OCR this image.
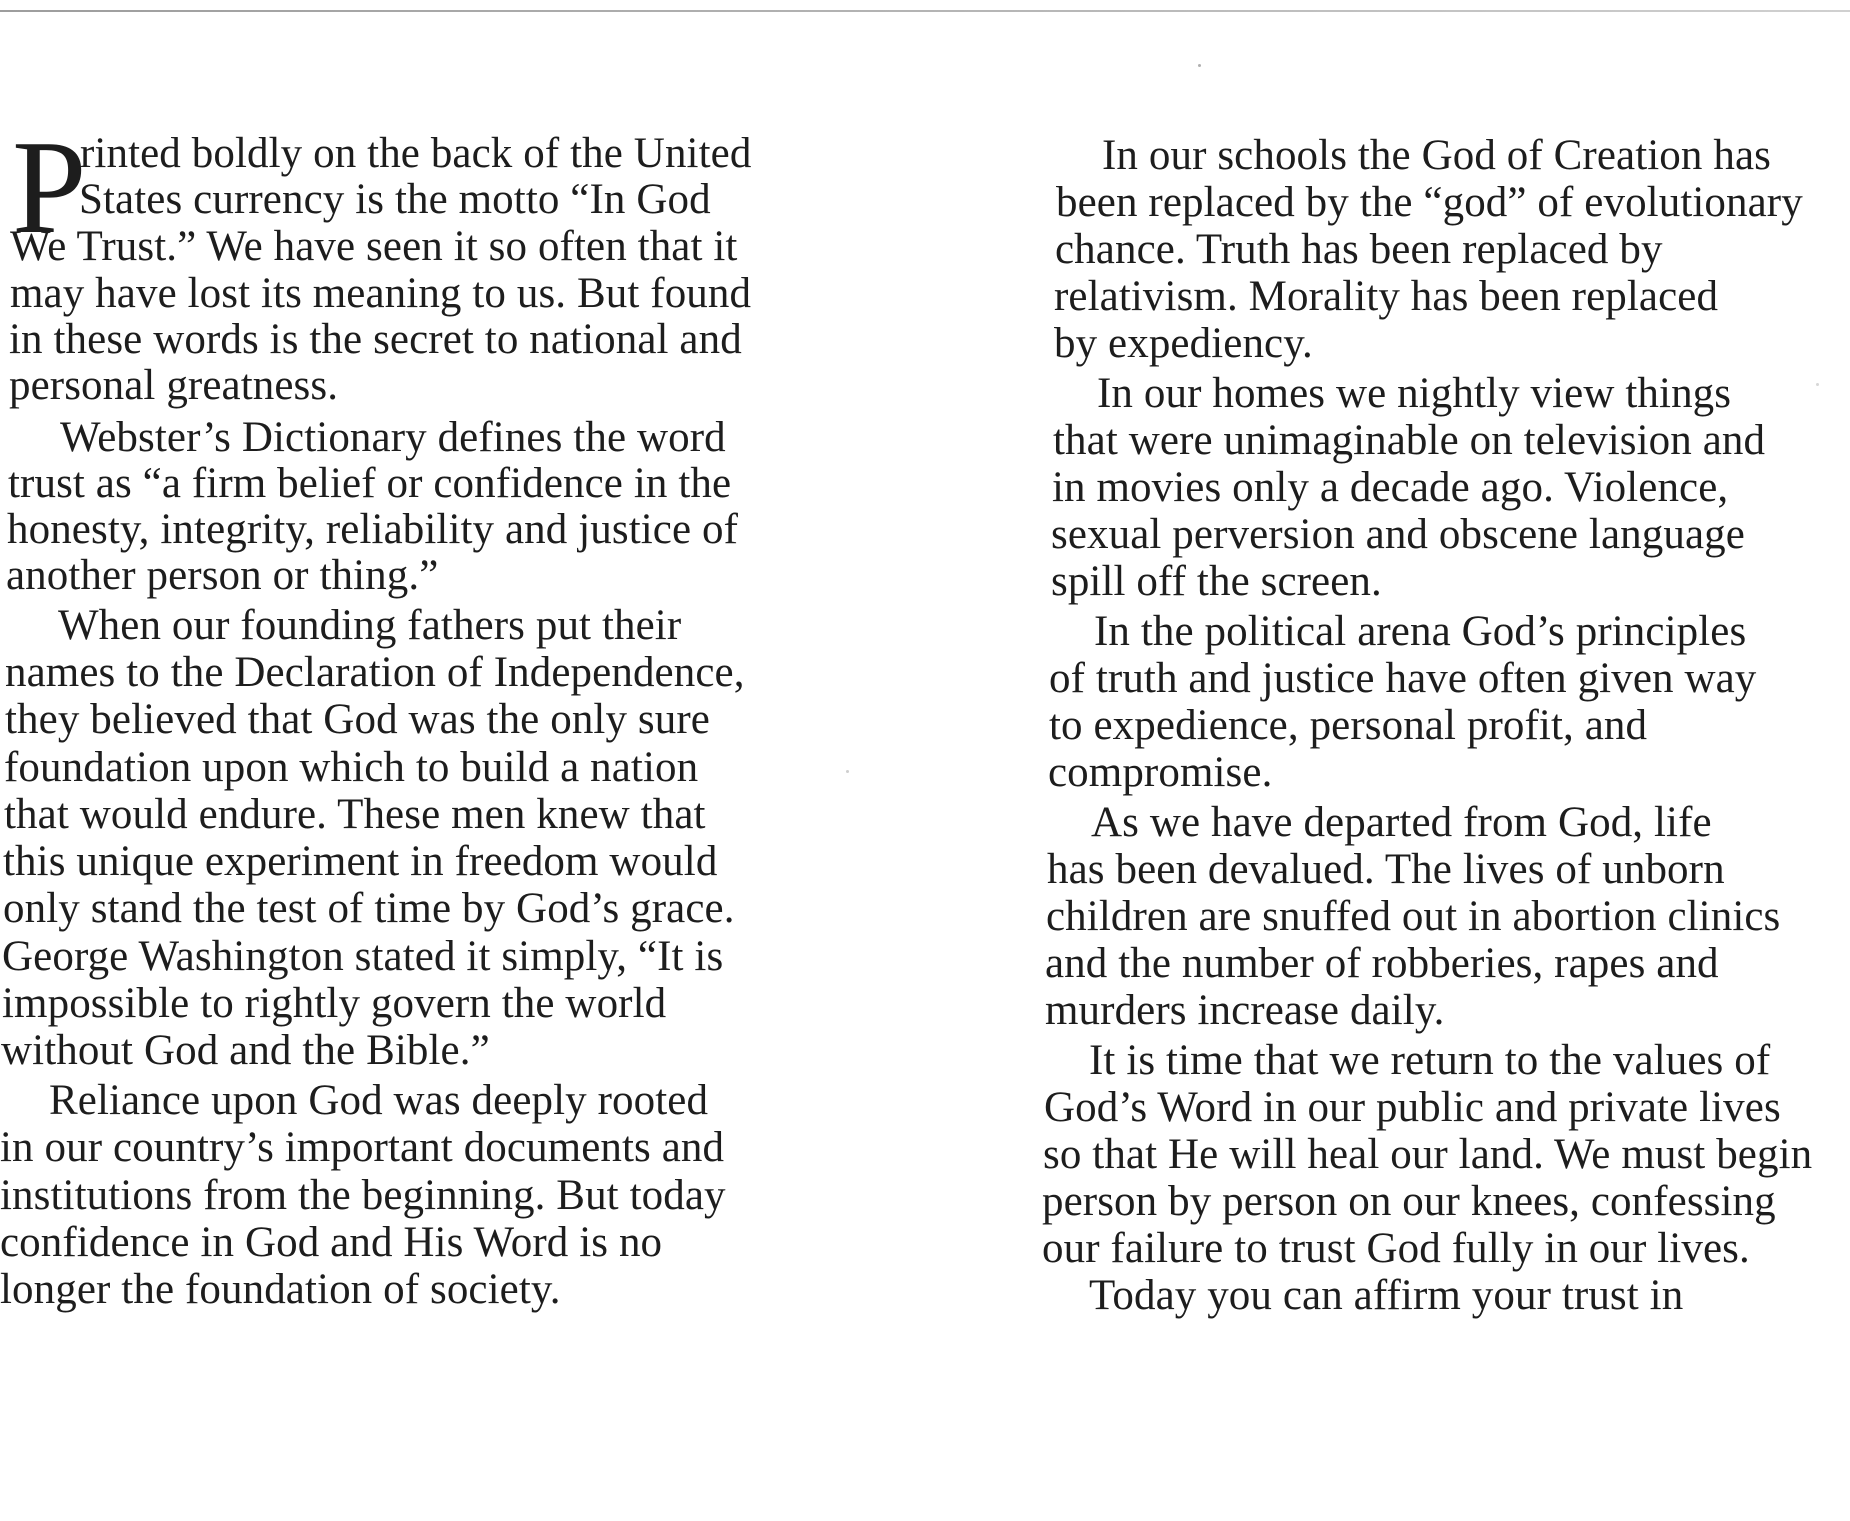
P
rinted boldly on the back of the United
States currency is the motto “In God
We Trust.” We have seen it so often that it
may have lost its meaning to us. But found
in these words is the secret to national and
personal greatness.
Webster’s Dictionary defines the word
trust as “a firm belief or confidence in the
honesty, integrity, reliability and justice of
another person or thing.”
When our founding fathers put their
names to the Declaration of Independence,
they believed that God was the only sure
foundation upon which to build a nation
that would endure. These men knew that
this unique experiment in freedom would
only stand the test of time by God’s grace.
George Washington stated it simply, “It is
impossible to rightly govern the world
without God and the Bible.”
Reliance upon God was deeply rooted
in our country’s important documents and
institutions from the beginning. But today
confidence in God and His Word is no
longer the foundation of society.
In our schools the God of Creation has
been replaced by the “god” of evolutionary
chance. Truth has been replaced by
relativism. Morality has been replaced
by expediency.
In our homes we nightly view things
that were unimaginable on television and
in movies only a decade ago. Violence,
sexual perversion and obscene language
spill off the screen.
In the political arena God’s principles
of truth and justice have often given way
to expedience, personal profit, and
compromise.
As we have departed from God, life
has been devalued. The lives of unborn
children are snuffed out in abortion clinics
and the number of robberies, rapes and
murders increase daily.
It is time that we return to the values of
God’s Word in our public and private lives
so that He will heal our land. We must begin
person by person on our knees, confessing
our failure to trust God fully in our lives.
Today you can affirm your trust in
